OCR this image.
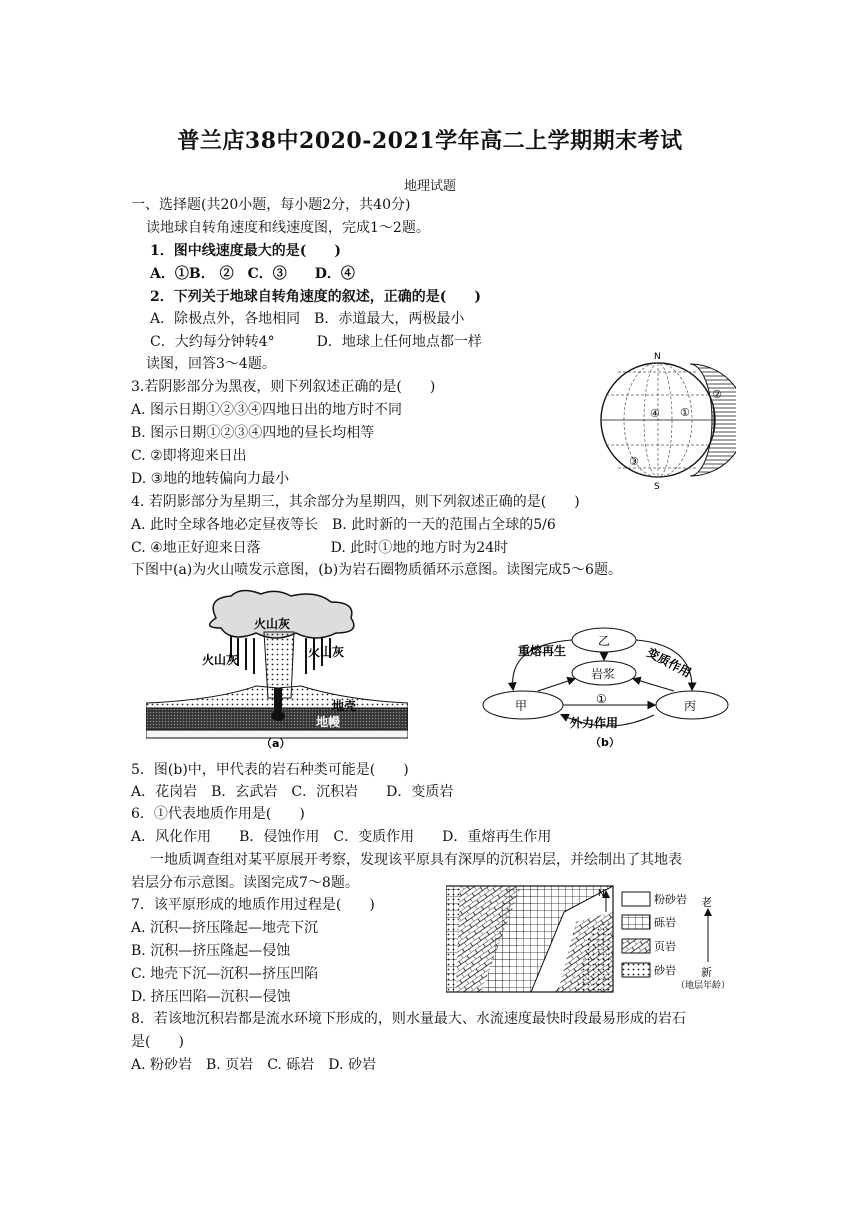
普兰店38中2020-2021学年高二上学期期末考试
地理试题
一、选择题(共20小题，每小题2分，共40分)
读地球自转角速度和线速度图，完成1～2题。
1．图中线速度最大的是(　　)
A．①B． ②　C．③　　D．④
2．下列关于地球自转角速度的叙述，正确的是(　　)
A．除极点外，各地相同　B．赤道最大，两极最小
C．大约每分钟转4°　　　D．地球上任何地点都一样
读图，回答3～4题。
3.若阴影部分为黑夜，则下列叙述正确的是(　　)
A. 图示日期①②③④四地日出的地方时不同
B. 图示日期①②③④四地的昼长均相等
C. ②即将迎来日出
D. ③地的地转偏向力最小
4. 若阴影部分为星期三，其余部分为星期四，则下列叙述正确的是(　　)
A. 此时全球各地必定昼夜等长　B. 此时新的一天的范围占全球的5/6
C. ④地正好迎来日落　　　　　D. 此时①地的地方时为24时
下图中(a)为火山喷发示意图，(b)为岩石圈物质循环示意图。读图完成5～6题。
N
S
④ ①
②
③
火山灰
火山灰
火山灰
地壳
地幔
（a）
乙
岩浆
甲	丙
重熔再生	变质作用
①
外力作用
（b）
5．图(b)中，甲代表的岩石种类可能是(　　)
A．花岗岩　B．玄武岩　C．沉积岩　　D．变质岩
6．①代表地质作用是(　　)
A．风化作用　　B．侵蚀作用　C．变质作用　　D．重熔再生作用
一地质调查组对某平原展开考察，发现该平原具有深厚的沉积岩层，并绘制出了其地表
岩层分布示意图。读图完成7～8题。
7．该平原形成的地质作用过程是(　　)
A. 沉积—挤压隆起—地壳下沉
B. 沉积—挤压隆起—侵蚀
C. 地壳下沉—沉积—挤压凹陷
D. 挤压凹陷—沉积—侵蚀
8．若该地沉积岩都是流水环境下形成的，则水量最大、水流速度最快时段最易形成的岩石
是(　　)
A. 粉砂岩　B. 页岩　C. 砾岩　D. 砂岩
N	粉砂岩
砾岩
页岩
砂岩
老
新
（地层年龄）
